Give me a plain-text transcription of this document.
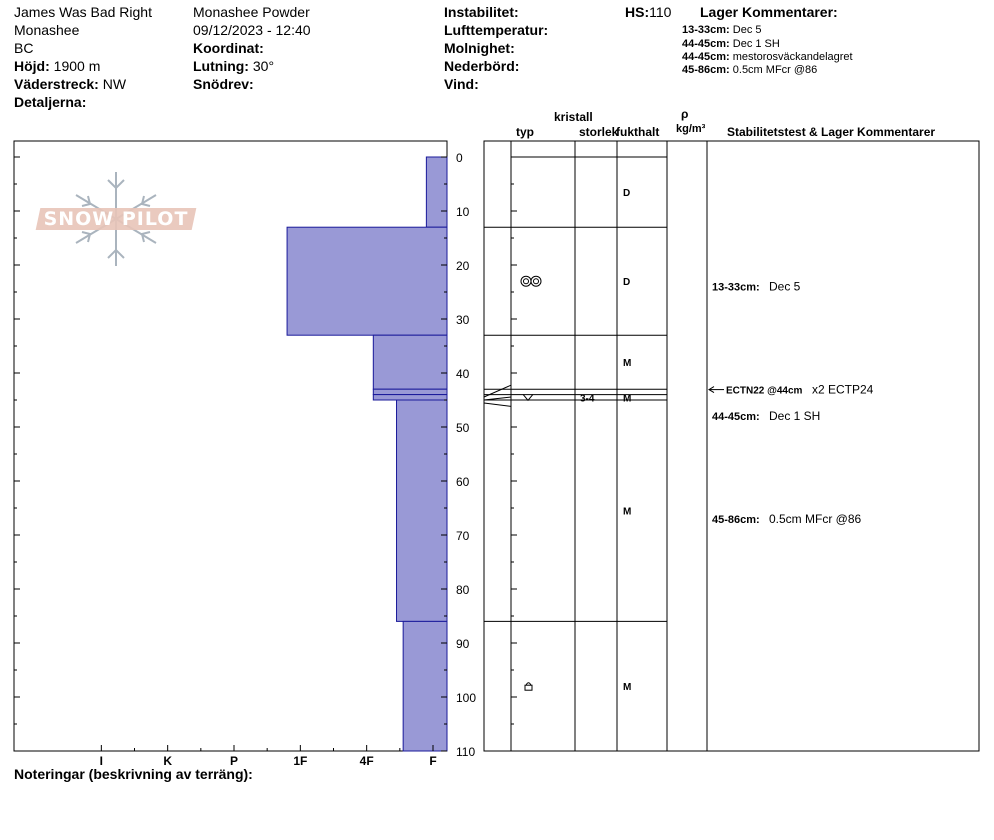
James Was Bad Right
Monashee
BC
Höjd: 1900 m
Väderstreck: NW
Detaljerna:
Monashee Powder
09/12/2023 - 12:40
Koordinat:
Lutning: 30°
Snödrev:
Instabilitet:
Lufttemperatur:
Molnighet:
Nederbörd:
Vind:
HS:110 Lager Kommentarer:
13-33cm: Dec 5
44-45cm: Dec 1 SH
44-45cm: mestorosväckandelagret
45-86cm: 0.5cm MFcr @86
kristall
typ	storlek
fukthalt
ρ
kg/m³ Stabilitetstest & Lager Kommentarer
SNOW PILOT
0
10
20
30
40
50
60
70
80
90
100
110
I	K	P	1F	4F	F
D
D
M
M
3-4
M
M
ECTN22 @44cm x2 ECTP24
13-33cm: Dec 5
44-45cm: Dec 1 SH
45-86cm: 0.5cm MFcr @86
Noteringar (beskrivning av terräng):
